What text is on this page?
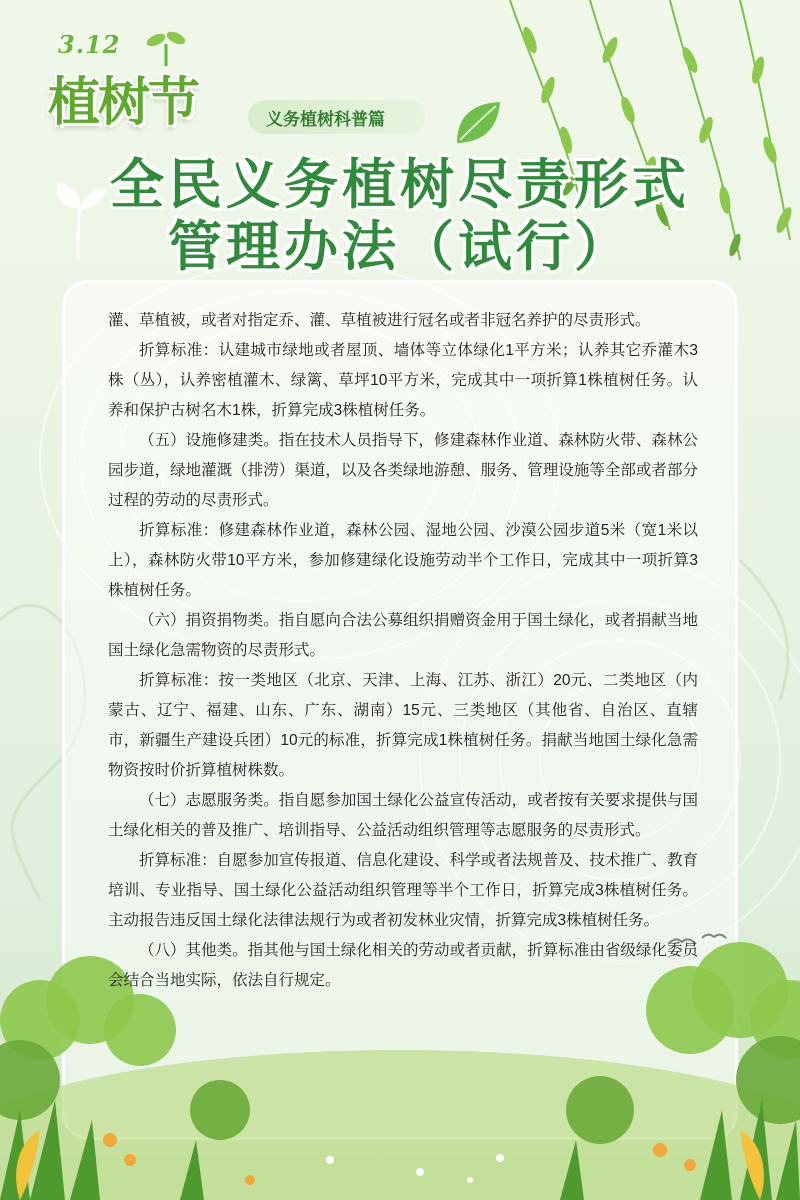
3.12
植树节	义务植树科普篇
全民义务植树尽责形式
管理办法（试行）

灌、草植被，或者对指定乔、灌、草植被进行冠名或者非冠名养护的尽责形式。

折算标准：认建城市绿地或者屋顶、墙体等立体绿化1平方米；认养其它乔灌木3株（丛），认养密植灌木、绿篱、草坪10平方米，完成其中一项折算1株植树任务。认养和保护古树名木1株，折算完成3株植树任务。

（五）设施修建类。指在技术人员指导下，修建森林作业道、森林防火带、森林公园步道，绿地灌溉（排涝）渠道，以及各类绿地游憩、服务、管理设施等全部或者部分过程的劳动的尽责形式。

折算标准：修建森林作业道，森林公园、湿地公园、沙漠公园步道5米（宽1米以上），森林防火带10平方米，参加修建绿化设施劳动半个工作日，完成其中一项折算3株植树任务。

（六）捐资捐物类。指自愿向合法公募组织捐赠资金用于国土绿化，或者捐献当地国土绿化急需物资的尽责形式。

折算标准：按一类地区（北京、天津、上海、江苏、浙江）20元、二类地区（内蒙古、辽宁、福建、山东、广东、湖南）15元、三类地区（其他省、自治区、直辖市，新疆生产建设兵团）10元的标准，折算完成1株植树任务。捐献当地国土绿化急需物资按时价折算植树株数。

（七）志愿服务类。指自愿参加国土绿化公益宣传活动，或者按有关要求提供与国土绿化相关的普及推广、培训指导、公益活动组织管理等志愿服务的尽责形式。

折算标准：自愿参加宣传报道、信息化建设、科学或者法规普及、技术推广、教育培训、专业指导、国土绿化公益活动组织管理等半个工作日，折算完成3株植树任务。主动报告违反国土绿化法律法规行为或者初发林业灾情，折算完成3株植树任务。

（八）其他类。指其他与国土绿化相关的劳动或者贡献，折算标准由省级绿化委员会结合当地实际，依法自行规定。
